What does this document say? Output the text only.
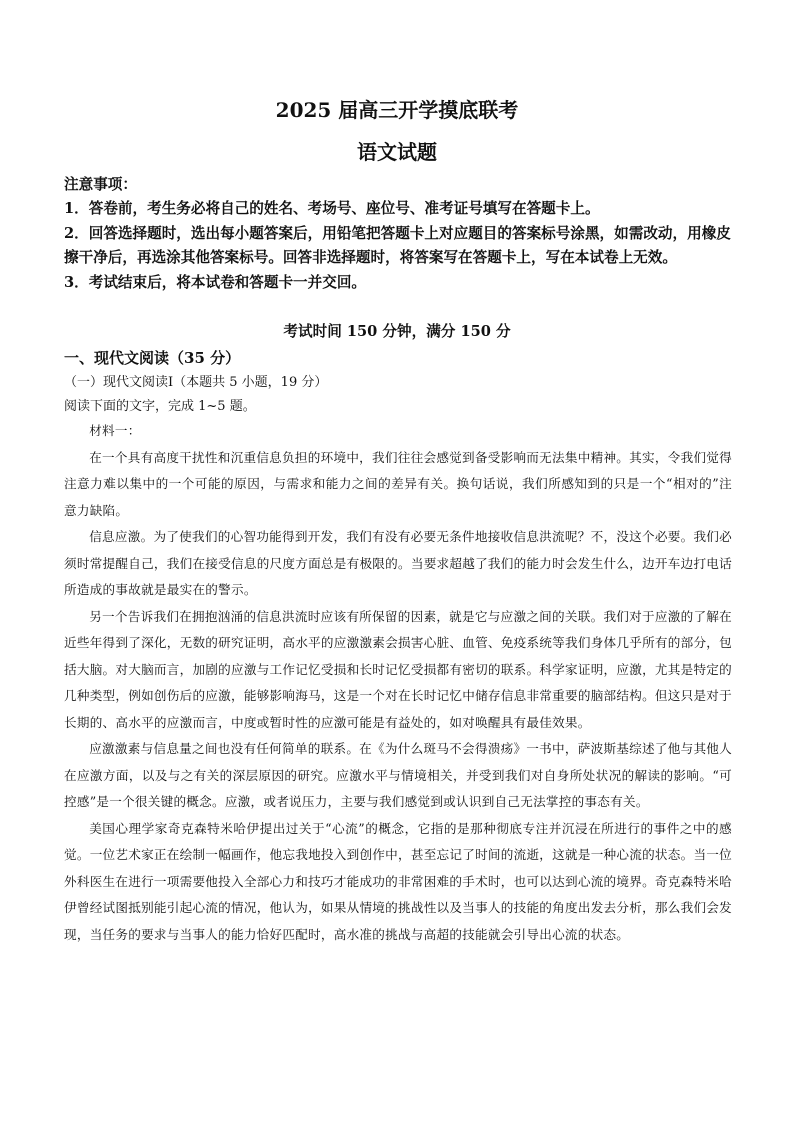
2025 届高三开学摸底联考
语文试题

注意事项：

1．答卷前，考生务必将自己的姓名、考场号、座位号、准考证号填写在答题卡上。

2．回答选择题时，选出每小题答案后，用铅笔把答题卡上对应题目的答案标号涂黑，如需改动，用橡皮擦干净后，再选涂其他答案标号。回答非选择题时，将答案写在答题卡上，写在本试卷上无效。

3．考试结束后，将本试卷和答题卡一并交回。

考试时间 150 分钟，满分 150 分
一、现代文阅读（35 分）
（一）现代文阅读Ⅰ（本题共 5 小题，19 分）
阅读下面的文字，完成 1~5 题。

材料一：

在一个具有高度干扰性和沉重信息负担的环境中，我们往往会感觉到备受影响而无法集中精神。其实，令我们觉得注意力难以集中的一个可能的原因，与需求和能力之间的差异有关。换句话说，我们所感知到的只是一个“相对的”注意力缺陷。

信息应激。为了使我们的心智功能得到开发，我们有没有必要无条件地接收信息洪流呢？不，没这个必要。我们必须时常提醒自己，我们在接受信息的尺度方面总是有极限的。当要求超越了我们的能力时会发生什么，边开车边打电话所造成的事故就是最实在的警示。

另一个告诉我们在拥抱汹涌的信息洪流时应该有所保留的因素，就是它与应激之间的关联。我们对于应激的了解在近些年得到了深化，无数的研究证明，高水平的应激激素会损害心脏、血管、免疫系统等我们身体几乎所有的部分，包括大脑。对大脑而言，加剧的应激与工作记忆受损和长时记忆受损都有密切的联系。科学家证明，应激，尤其是特定的几种类型，例如创伤后的应激，能够影响海马，这是一个对在长时记忆中储存信息非常重要的脑部结构。但这只是对于长期的、高水平的应激而言，中度或暂时性的应激可能是有益处的，如对唤醒具有最佳效果。

应激激素与信息量之间也没有任何简单的联系。在《为什么斑马不会得溃疡》一书中，萨波斯基综述了他与其他人在应激方面，以及与之有关的深层原因的研究。应激水平与情境相关，并受到我们对自身所处状况的解读的影响。“可控感”是一个很关键的概念。应激，或者说压力，主要与我们感觉到或认识到自己无法掌控的事态有关。

美国心理学家奇克森特米哈伊提出过关于“心流”的概念，它指的是那种彻底专注并沉浸在所进行的事件之中的感觉。一位艺术家正在绘制一幅画作，他忘我地投入到创作中，甚至忘记了时间的流逝，这就是一种心流的状态。当一位外科医生在进行一项需要他投入全部心力和技巧才能成功的非常困难的手术时，也可以达到心流的境界。奇克森特米哈伊曾经试图抵别能引起心流的情况，他认为，如果从情境的挑战性以及当事人的技能的角度出发去分析，那么我们会发现，当任务的要求与当事人的能力恰好匹配时，高水准的挑战与高超的技能就会引导出心流的状态。
